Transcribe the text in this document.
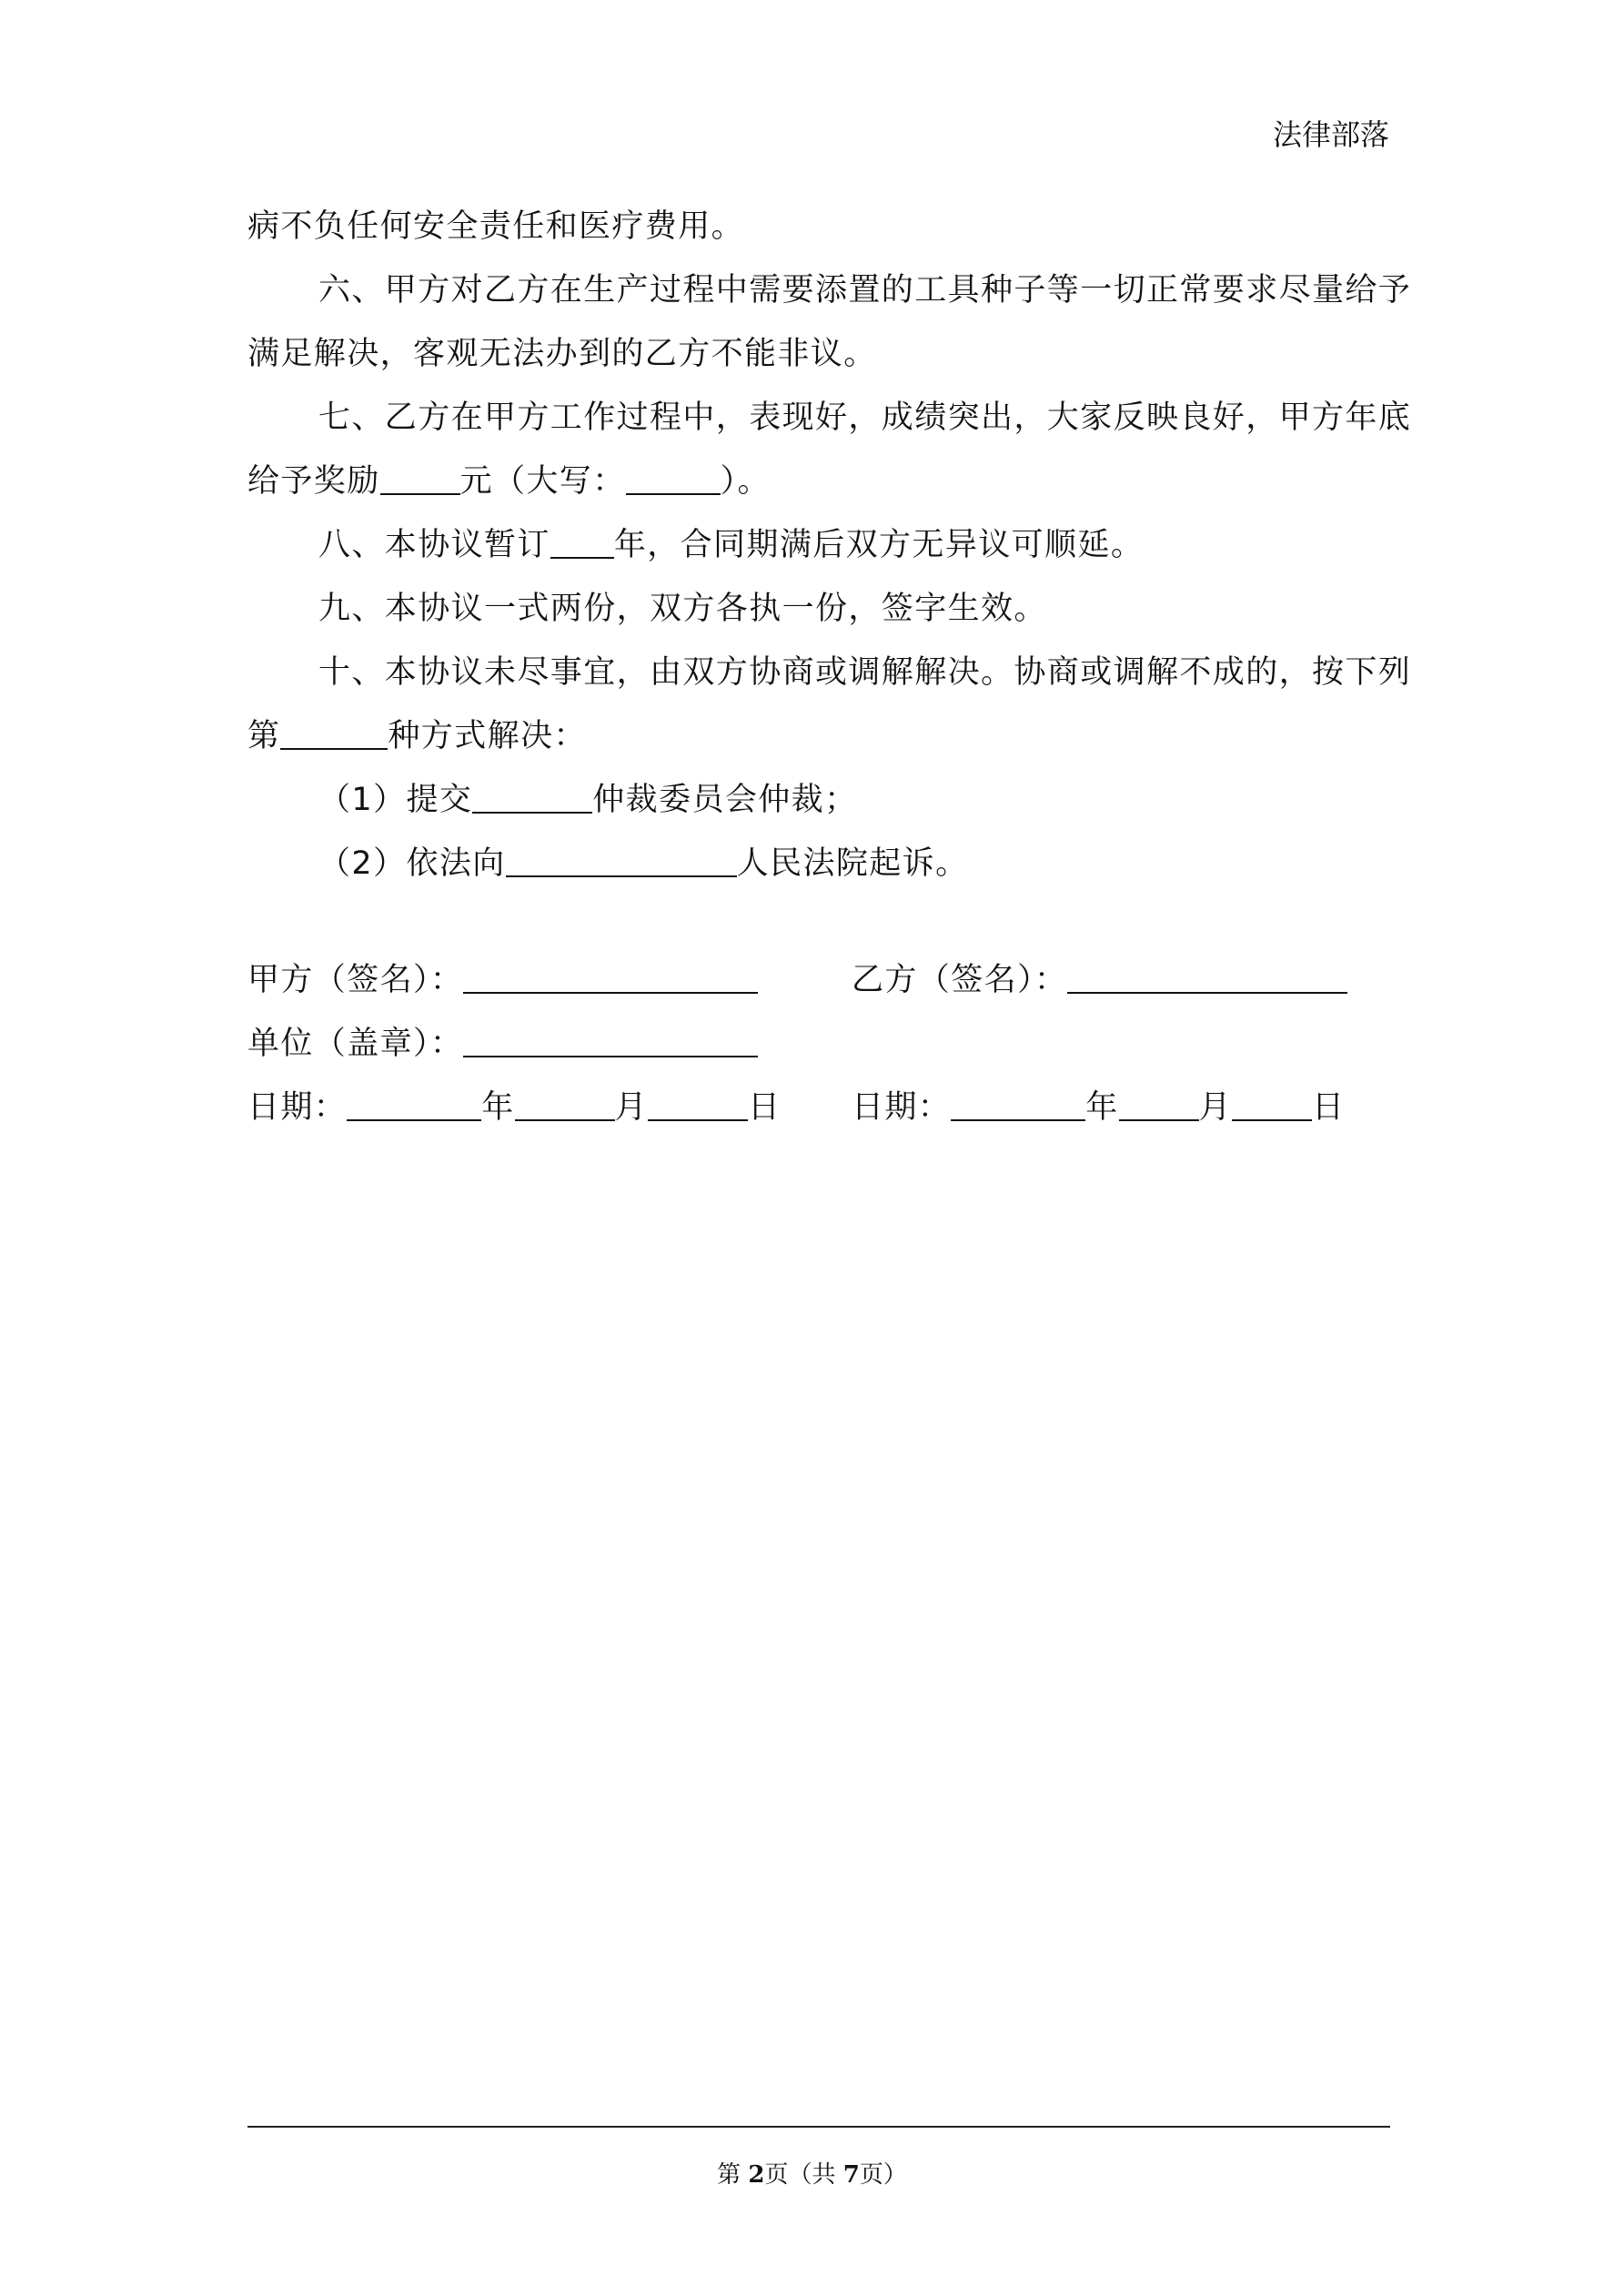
法律部落
病不负任何安全责任和医疗费用。
六、甲方对乙方在生产过程中需要添置的工具种子等一切正常要求尽量给予
满足解决，客观无法办到的乙方不能非议。
七、乙方在甲方工作过程中，表现好，成绩突出，大家反映良好，甲方年底
给予奖励	元（大写：	）。
八、本协议暂订 年，合同期满后双方无异议可顺延。
九、本协议一式两份，双方各执一份，签字生效。
十、本协议未尽事宜，由双方协商或调解解决。协商或调解不成的，按下列
第	种方式解决：
（1）提交	仲裁委员会仲裁；
（2）依法向	人民法院起诉。
甲方（签名）：	乙方（签名）：
单位（盖章）：
日期：	年	月	日 日期：	年	月	日
第 2页（共 7页）
